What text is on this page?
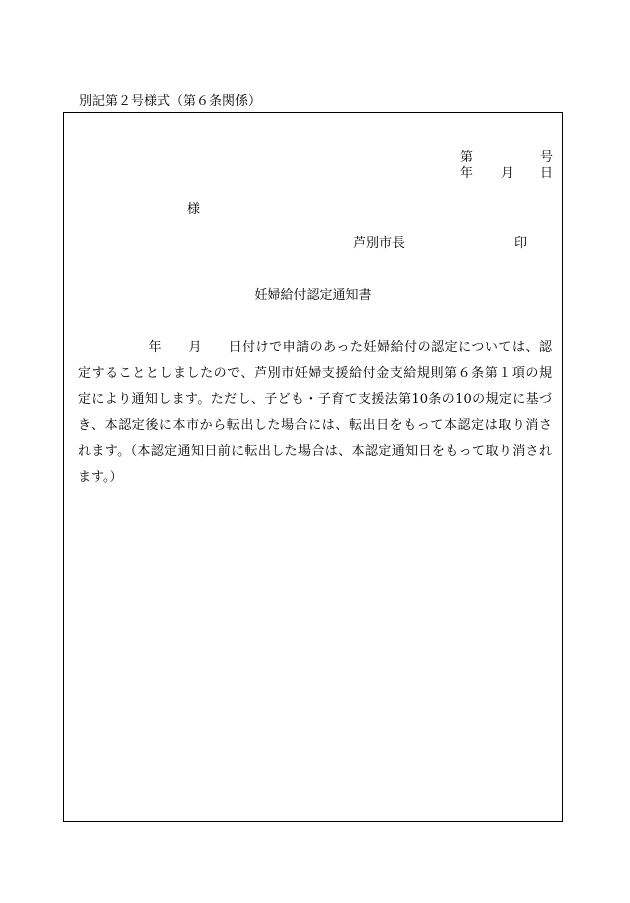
別記第２号様式（第６条関係）
第	号
年 月 日
様
芦別市長	印
妊婦給付認定通知書
年 月 日付けで申請のあった妊婦給付の認定については、認
定することとしましたので、芦別市妊婦支援給付金支給規則第６条第１項の規
定により通知します。ただし、子ども・子育て支援法第10条の10の規定に基づ
き、本認定後に本市から転出した場合には、転出日をもって本認定は取り消さ
れます。（本認定通知日前に転出した場合は、本認定通知日をもって取り消され
ます。）
